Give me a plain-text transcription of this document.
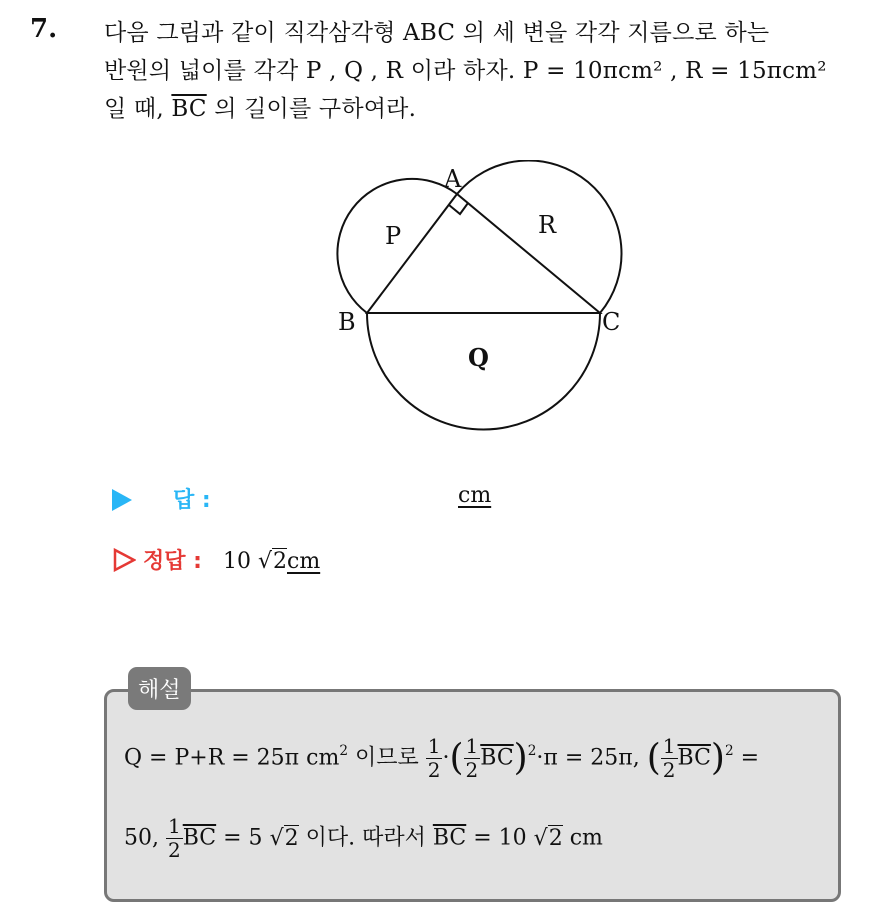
7. 다음 그림과 같이 직각삼각형 ABC 의 세 변을 각각 지름으로 하는
반원의 넓이를 각각 P , Q , R 이라 하자. P = 10πcm² , R = 15πcm²
일 때, $\overline{BC}$ 의 길이를 구하여라.
A
B	C
P	R
Q
답 :	cm
정답 : 10 √2cm
해설
Q = P+R = 25π $cm^2$ 이므로 $\frac{1}{2}$ ·( $\frac{1}{2} \overline{BC})^2\cdot\pi = 25\pi$, ( $\frac{1}{2} \overline{BC})^2$ =
50, $\frac{1}{2} \overline{BC} = 5$ √2 이다. 따라서 $\overline{BC} = 10$ √2 cm
